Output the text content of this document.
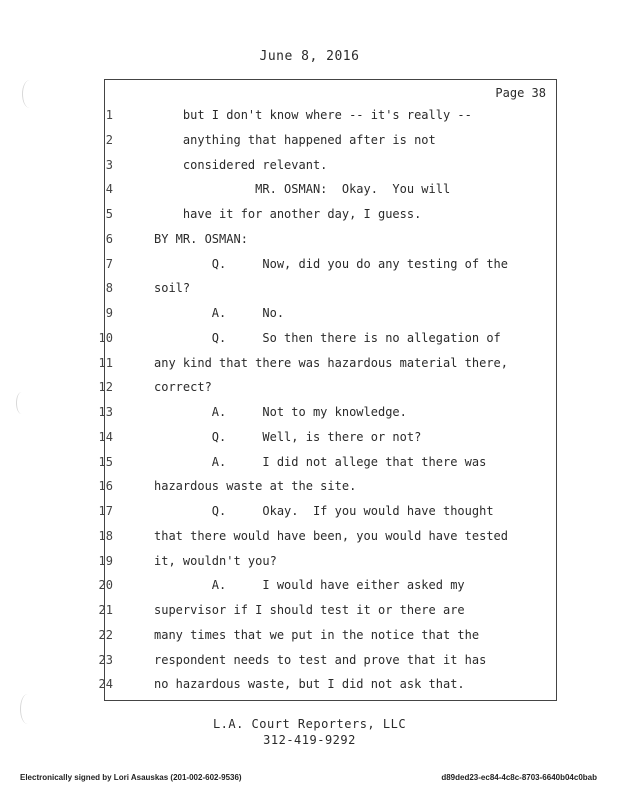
June 8, 2016
Page 38
1	but I don't know where -- it's really --
2	anything that happened after is not
3	considered relevant.
4	MR. OSMAN:  Okay.  You will
5	have it for another day, I guess.
6	BY MR. OSMAN:
7	Q.     Now, did you do any testing of the
8	soil?
9	A.     No.
10	Q.     So then there is no allegation of
11	any kind that there was hazardous material there,
12	correct?
13	A.     Not to my knowledge.
14	Q.     Well, is there or not?
15	A.     I did not allege that there was
16	hazardous waste at the site.
17	Q.     Okay.  If you would have thought
18	that there would have been, you would have tested
19	it, wouldn't you?
20	A.     I would have either asked my
21	supervisor if I should test it or there are
22	many times that we put in the notice that the
23	respondent needs to test and prove that it has
24	no hazardous waste, but I did not ask that.
L.A. Court Reporters, LLC
312-419-9292
Electronically signed by Lori Asauskas (201-002-602-9536)	d89ded23-ec84-4c8c-8703-6640b04c0bab
